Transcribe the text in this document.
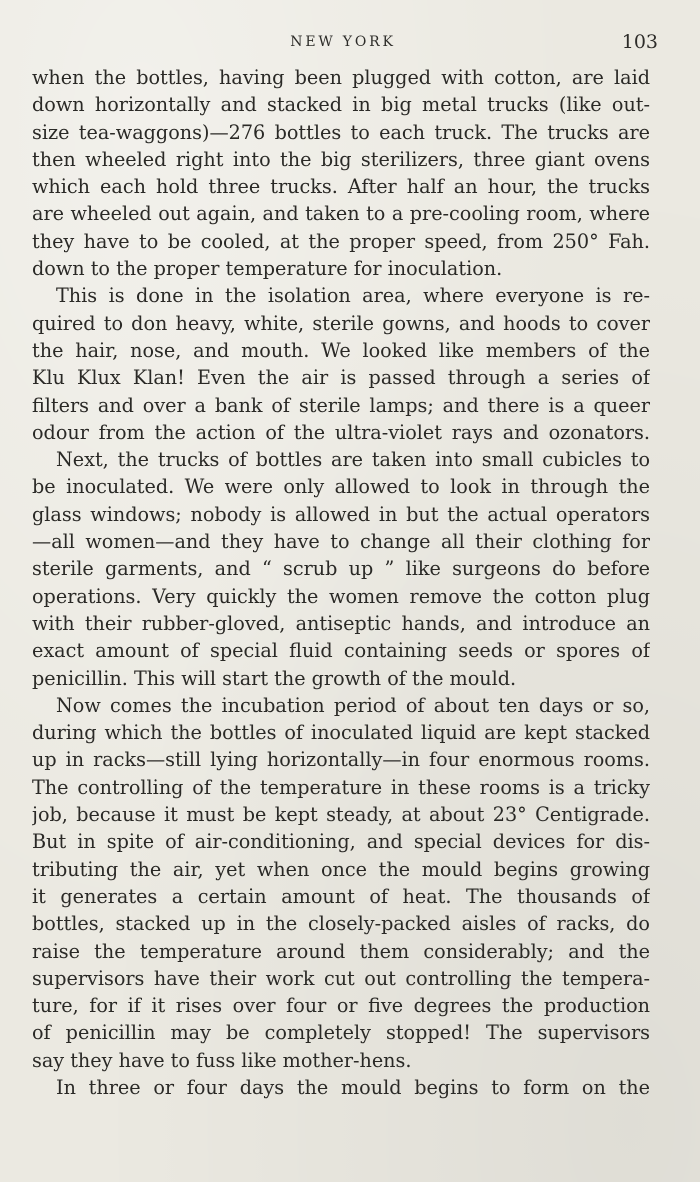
NEW YORK	103
when the bottles, having been plugged with cotton, are laid
down horizontally and stacked in big metal trucks (like out-
size tea-waggons)—276 bottles to each truck. The trucks are
then wheeled right into the big sterilizers, three giant ovens
which each hold three trucks. After half an hour, the trucks
are wheeled out again, and taken to a pre-cooling room, where
they have to be cooled, at the proper speed, from 250° Fah.
down to the proper temperature for inoculation.
This is done in the isolation area, where everyone is re-
quired to don heavy, white, sterile gowns, and hoods to cover
the hair, nose, and mouth. We looked like members of the
Klu Klux Klan! Even the air is passed through a series of
filters and over a bank of sterile lamps; and there is a queer
odour from the action of the ultra-violet rays and ozonators.
Next, the trucks of bottles are taken into small cubicles to
be inoculated. We were only allowed to look in through the
glass windows; nobody is allowed in but the actual operators
—all women—and they have to change all their clothing for
sterile garments, and “ scrub up ” like surgeons do before
operations. Very quickly the women remove the cotton plug
with their rubber-gloved, antiseptic hands, and introduce an
exact amount of special fluid containing seeds or spores of
penicillin. This will start the growth of the mould.
Now comes the incubation period of about ten days or so,
during which the bottles of inoculated liquid are kept stacked
up in racks—still lying horizontally—in four enormous rooms.
The controlling of the temperature in these rooms is a tricky
job, because it must be kept steady, at about 23° Centigrade.
But in spite of air-conditioning, and special devices for dis-
tributing the air, yet when once the mould begins growing
it generates a certain amount of heat. The thousands of
bottles, stacked up in the closely-packed aisles of racks, do
raise the temperature around them considerably; and the
supervisors have their work cut out controlling the tempera-
ture, for if it rises over four or five degrees the production
of penicillin may be completely stopped! The supervisors
say they have to fuss like mother-hens.
In three or four days the mould begins to form on the
